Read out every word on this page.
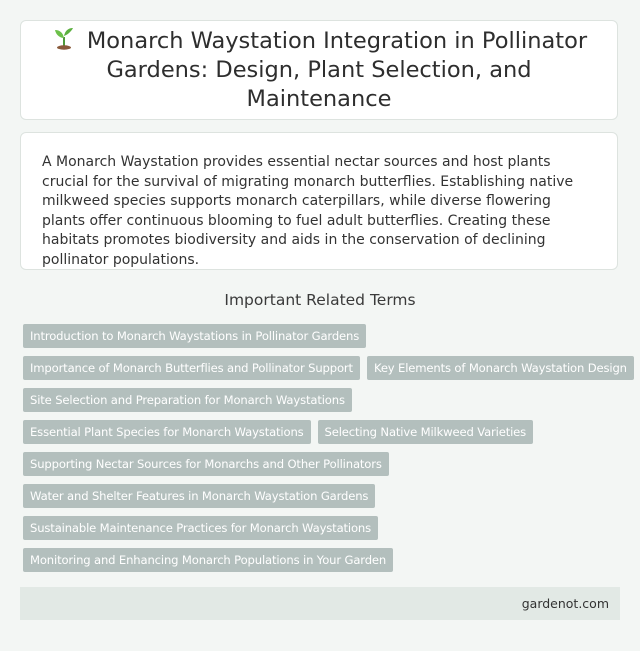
Monarch Waystation Integration in Pollinator Gardens: Design, Plant Selection, and Maintenance

A Monarch Waystation provides essential nectar sources and host plants crucial for the survival of migrating monarch butterflies. Establishing native milkweed species supports monarch caterpillars, while diverse flowering plants offer continuous blooming to fuel adult butterflies. Creating these habitats promotes biodiversity and aids in the conservation of declining pollinator populations.

Important Related Terms
Introduction to Monarch Waystations in Pollinator Gardens
Importance of Monarch Butterflies and Pollinator Support	Key Elements of Monarch Waystation Design
Site Selection and Preparation for Monarch Waystations
Essential Plant Species for Monarch Waystations	Selecting Native Milkweed Varieties
Supporting Nectar Sources for Monarchs and Other Pollinators
Water and Shelter Features in Monarch Waystation Gardens
Sustainable Maintenance Practices for Monarch Waystations
Monitoring and Enhancing Monarch Populations in Your Garden
gardenot.com
